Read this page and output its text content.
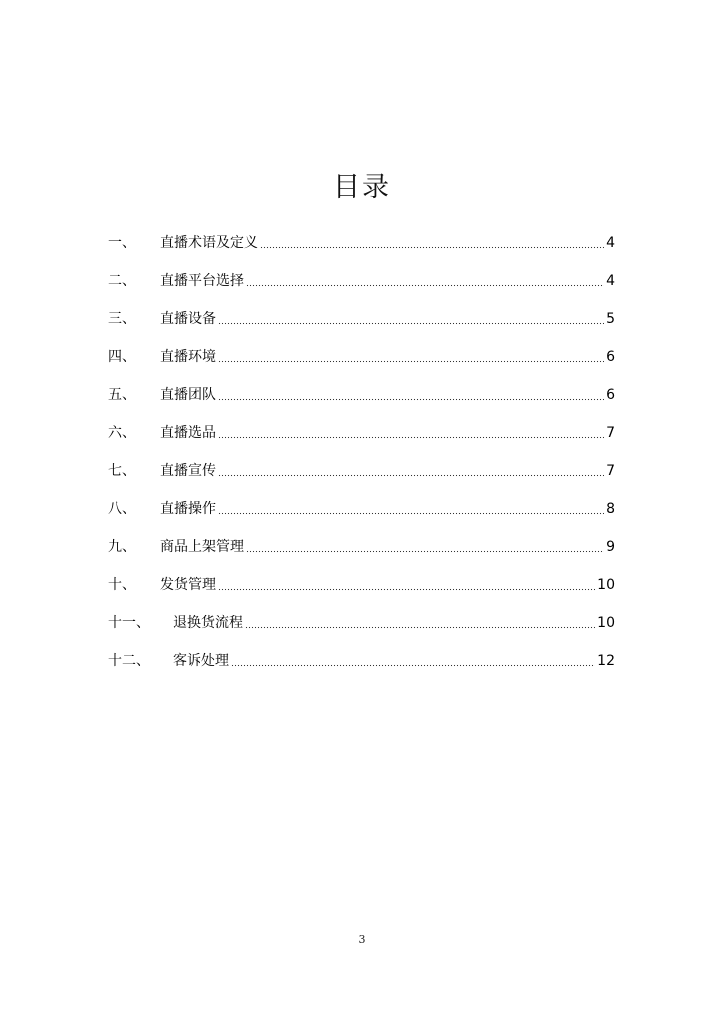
目录
一、	直播术语及定义	4
二、	直播平台选择	4
三、	直播设备	5
四、	直播环境	6
五、	直播团队	6
六、	直播选品	7
七、	直播宣传	7
八、	直播操作	8
九、	商品上架管理	9
十、	发货管理	10
十一、	退换货流程	10
十二、	客诉处理	12
3
